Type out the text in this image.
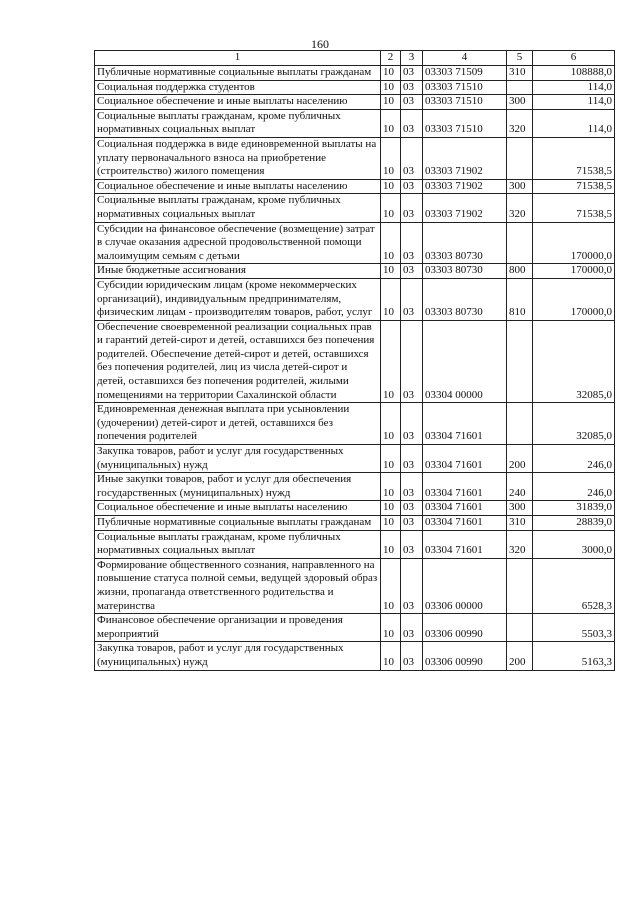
160
1	2	3	4	5	6
Публичные нормативные социальные выплаты гражданам	10	03	03303 71509	310	108888,0
Социальная поддержка студентов	10	03	03303 71510		114,0
Социальное обеспечение и иные выплаты населению	10	03	03303 71510	300	114,0
Социальные выплаты гражданам, кроме публичных нормативных социальных выплат	10	03	03303 71510	320	114,0
Социальная поддержка в виде единовременной выплаты на уплату первоначального взноса на приобретение (строительство) жилого помещения	10	03	03303 71902		71538,5
Социальное обеспечение и иные выплаты населению	10	03	03303 71902	300	71538,5
Социальные выплаты гражданам, кроме публичных нормативных социальных выплат	10	03	03303 71902	320	71538,5
Субсидии на финансовое обеспечение (возмещение) затрат в случае оказания адресной продовольственной помощи малоимущим семьям с детьми	10	03	03303 80730		170000,0
Иные бюджетные ассигнования	10	03	03303 80730	800	170000,0
Субсидии юридическим лицам (кроме некоммерческих организаций), индивидуальным предпринимателям, физическим лицам - производителям товаров, работ, услуг	10	03	03303 80730	810	170000,0
Обеспечение своевременной реализации социальных прав и гарантий детей-сирот и детей, оставшихся без попечения родителей. Обеспечение детей-сирот и детей, оставшихся без попечения родителей, лиц из числа детей-сирот и детей, оставшихся без попечения родителей, жилыми помещениями на территории Сахалинской области	10	03	03304 00000		32085,0
Единовременная денежная выплата при усыновлении (удочерении) детей-сирот и детей, оставшихся без попечения родителей	10	03	03304 71601		32085,0
Закупка товаров, работ и услуг для государственных (муниципальных) нужд	10	03	03304 71601	200	246,0
Иные закупки товаров, работ и услуг для обеспечения государственных (муниципальных) нужд	10	03	03304 71601	240	246,0
Социальное обеспечение и иные выплаты населению	10	03	03304 71601	300	31839,0
Публичные нормативные социальные выплаты гражданам	10	03	03304 71601	310	28839,0
Социальные выплаты гражданам, кроме публичных нормативных социальных выплат	10	03	03304 71601	320	3000,0
Формирование общественного сознания, направленного на повышение статуса полной семьи, ведущей здоровый образ жизни, пропаганда ответственного родительства и материнства	10	03	03306 00000		6528,3
Финансовое обеспечение организации и проведения мероприятий	10	03	03306 00990		5503,3
Закупка товаров, работ и услуг для государственных (муниципальных) нужд	10	03	03306 00990	200	5163,3
